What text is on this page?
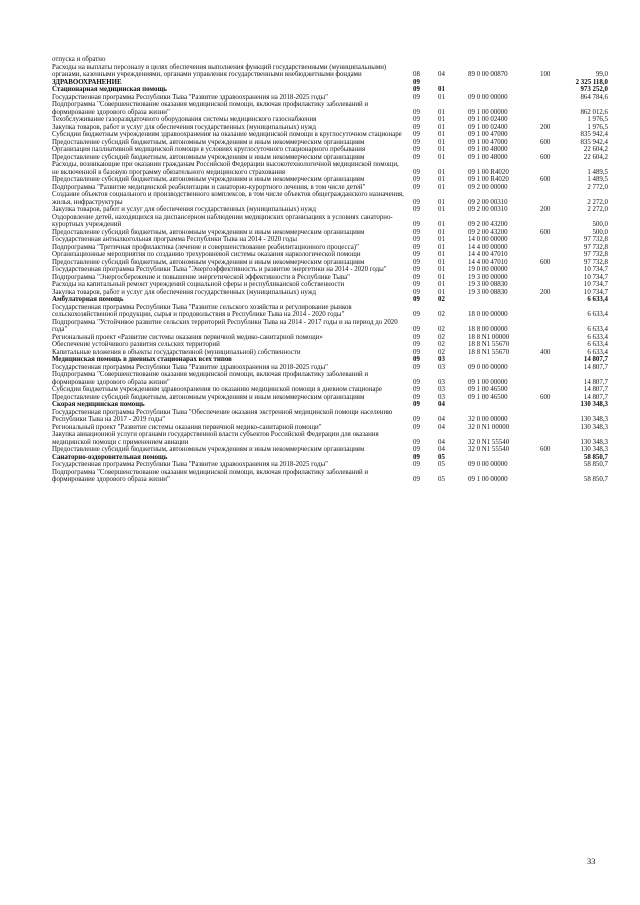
отпуска и обратно
Расходы на выплаты персоналу в целях обеспечения выполнения функций государственными (муниципальными) органами, казенными учреждениями, органами управления государственными внебюджетными фондами	08	04	89 0 00 00870	100	99,0
ЗДРАВООХРАНЕНИЕ	09	2 325 118,0
Стационарная медицинская помощь	09	01	973 252,0
Государственная программа Республики Тыва "Развитие здравоохранения на 2018-2025 годы"	09	01	09 0 00 00000	864 784,6
Подпрограмма "Совершенствование оказания медицинской помощи, включая профилактику заболеваний и формирование здорового образа жизни"	09	01	09 1 00 00000	862 012,6
Техобслуживание газоразвдаточного оборудования системы медицинского газоснабжения	09	01	09 1 00 02400	1 976,5
Закупка товаров, работ и услуг для обеспечения государственных (муниципальных) нужд	09	01	09 1 00 02400	200	1 976,5
Субсидии бюджетным учреждениям здравоохранения на оказание медицинской помощи в круглосуточном стационаре	09	01	09 1 00 47000	835 942,4
Предоставление субсидий бюджетным, автономным учреждениям и иным некоммерческим организациям	09	01	09 1 00 47000	600	835 942,4
Организация паллиативной медицинской помощи в условиях круглосуточного стационарного пребывания	09	01	09 1 00 48000	22 604,2
Предоставление субсидий бюджетным, автономным учреждениям и иным некоммерческим организациям	09	01	09 1 00 48000	600	22 604,2
Расходы, возникающие при оказании гражданам Российской Федерации высокотехнологичной медицинской помощи, не включенной в базовую программу обязательного медицинского страхования	09	01	09 1 00 R4020	1 489,5
Предоставление субсидий бюджетным, автономным учреждениям и иным некоммерческим организациям	09	01	09 1 00 R4020	600	1 489,5
Подпрограмма "Развитие медицинской реабилитации и санаторно-курортного лечения, в том числе детей"	09	01	09 2 00 00000	2 772,0
Создание объектов социального и производственного комплексов, в том числе объектов общегражданского назначения, жилья, инфраструктуры	09	01	09 2 00 00310	2 272,0
Закупка товаров, работ и услуг для обеспечения государственных (муниципальных) нужд	09	01	09 2 00 00310	200	2 272,0
Оздоровление детей, находящихся на диспансерном наблюдении медицинских организациях в условиях санаторно-курортных учреждений	09	01	09 2 00 43200	500,0
Предоставление субсидий бюджетным, автономным учреждениям и иным некоммерческим организациям	09	01	09 2 00 43200	600	500,0
Государственная антиалкогольная программа Республики Тыва на 2014 - 2020 годы	09	01	14 0 00 00000	97 732,8
Подпрограмма "Третичная профилактика (лечение и совершенствование реабилитационного процесса)"	09	01	14 4 00 00000	97 732,8
Организационные мероприятия по созданию трехуровневой системы оказания наркологической помощи	09	01	14 4 00 47010	97 732,8
Предоставление субсидий бюджетным, автономным учреждениям и иным некоммерческим организациям	09	01	14 4 00 47010	600	97 732,8
Государственная программа Республики Тыва "Энергоэффективность и развитие энергетики на 2014 - 2020 годы"	09	01	19 0 00 00000	10 734,7
Подпрограмма "Энергосбережение и повышение энергетической эффективности в Республике Тыва"	09	01	19 3 00 00000	10 734,7
Расходы на капитальный ремонт учреждений социальной сферы и республиканской собственности	09	01	19 3 00 08830	10 734,7
Закупка товаров, работ и услуг для обеспечения государственных (муниципальных) нужд	09	01	19 3 00 08830	200	10 734,7
Амбулаторная помощь	09	02	6 633,4
Государственная программа Республики Тыва "Развитие сельского хозяйства и регулирование рынков сельскохозяйственной продукции, сырья и продовольствия в Республике Тыва на 2014 - 2020 годы"	09	02	18 0 00 00000	6 633,4
Подпрограмма "Устойчивое развитие сельских территорий Республики Тыва на 2014 - 2017 годы и на период до 2020 года"	09	02	18 8 00 00000	6 633,4
Региональный проект «Развитие системы оказания первичной медико-санитарной помощи»	09	02	18 8 N1 00000	6 633,4
Обеспечение устойчивого развития сельских территорий	09	02	18 8 N1 55670	6 633,4
Капитальные вложения в объекты государственной (муниципальной) собственности	09	02	18 8 N1 55670	400	6 633,4
Медицинская помощь в дневных стационарах всех типов	09	03	14 807,7
Государственная программа Республики Тыва "Развитие здравоохранения на 2018-2025 годы"	09	03	09 0 00 00000	14 807,7
Подпрограмма "Совершенствование оказания медицинской помощи, включая профилактику заболеваний и формирование здорового образа жизни"	09	03	09 1 00 00000	14 807,7
Субсидии бюджетным учреждениям здравоохранения по оказанию медицинской помощи в дневном стационаре	09	03	09 1 00 46500	14 807,7
Предоставление субсидий бюджетным, автономным учреждениям и иным некоммерческим организациям	09	03	09 1 00 46500	600	14 807,7
Скорая медицинская помощь	09	04	130 348,3
Государственная программа Республики Тыва "Обеспечение оказания экстренной медицинской помощи населению Республики Тыва на 2017 - 2019 годы"	09	04	32 0 00 00000	130 348,3
Региональный проект "Развитие системы оказания первичной медико-санитарной помощи"	09	04	32 0 N1 00000	130 348,3
Закупка авиационной услуги органами государственной власти субъектов Российской Федерации для оказания медицинской помощи с применением авиации	09	04	32 0 N1 55540	130 348,3
Предоставление субсидий бюджетным, автономным учреждениям и иным некоммерческим организациям	09	04	32 0 N1 55540	600	130 348,3
Санаторно-оздоровительная помощь	09	05	58 850,7
Государственная программа Республики Тыва "Развитие здравоохранения на 2018-2025 годы"	09	05	09 0 00 00000	58 850,7
Подпрограмма "Совершенствование оказания медицинской помощи, включая профилактику заболеваний и формирование здорового образа жизни"	09	05	09 1 00 00000	58 850,7
33
